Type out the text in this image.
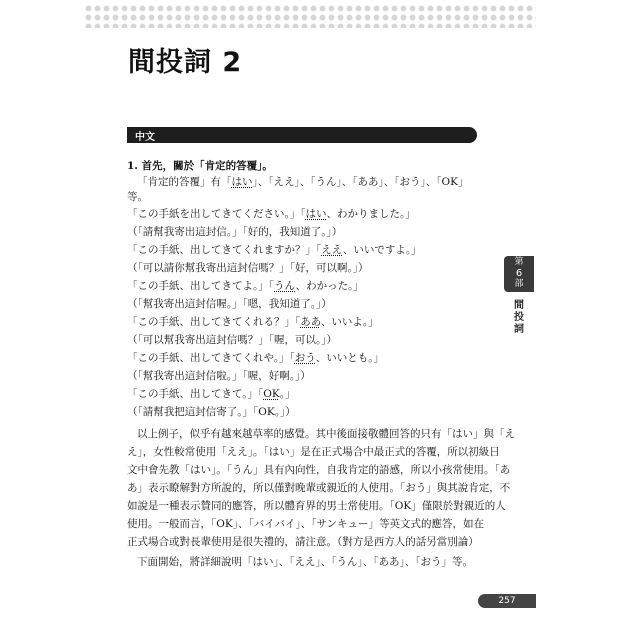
間投詞 2
中文
1. 首先，關於「肯定的答覆」。
「肯定的答覆」有「はい」、「ええ」、「うん」、「ああ」、「おう」、「OK」
等。
「この手紙を出してきてください。」「はい、わかりました。」
（「請幫我寄出這封信。」「好的，我知道了。」）
「この手紙、出してきてくれますか？」「ええ、いいですよ。」
（「可以請你幫我寄出這封信嗎？」「好，可以啊。」）
「この手紙、出してきてよ。」「うん、わかった。」
（「幫我寄出這封信喔。」「嗯，我知道了。」）
「この手紙、出してきてくれる？」「ああ、いいよ。」
（「可以幫我寄出這封信嗎？」「喔，可以。」）
「この手紙、出してきてくれや。」「おう、いいとも。」
（「幫我寄出這封信啦。」「喔，好啊。」）
「この手紙、出してきて。」「OK。」
（「請幫我把這封信寄了。」「OK。」）
以上例子，似乎有越來越草率的感覺。其中後面接敬體回答的只有「はい」與「え
え」，女性較常使用「ええ」。「はい」是在正式場合中最正式的答覆，所以初級日
文中會先教「はい」。「うん」具有內向性，自我肯定的語感，所以小孩常使用。「あ
あ」表示瞭解對方所說的，所以僅對晚輩或親近的人使用。「おう」與其說肯定，不
如說是一種表示贊同的應答，所以體育界的男士常使用。「OK」僅限於對親近的人
使用。一般而言，「OK」、「バイバイ」、「サンキュー」等英文式的應答，如在
正式場合或對長輩使用是很失禮的，請注意。（對方是西方人的話另當別論）
下面開始，將詳細說明「はい」、「ええ」、「うん」、「ああ」、「おう」等。
第
6
部
間投詞
257
